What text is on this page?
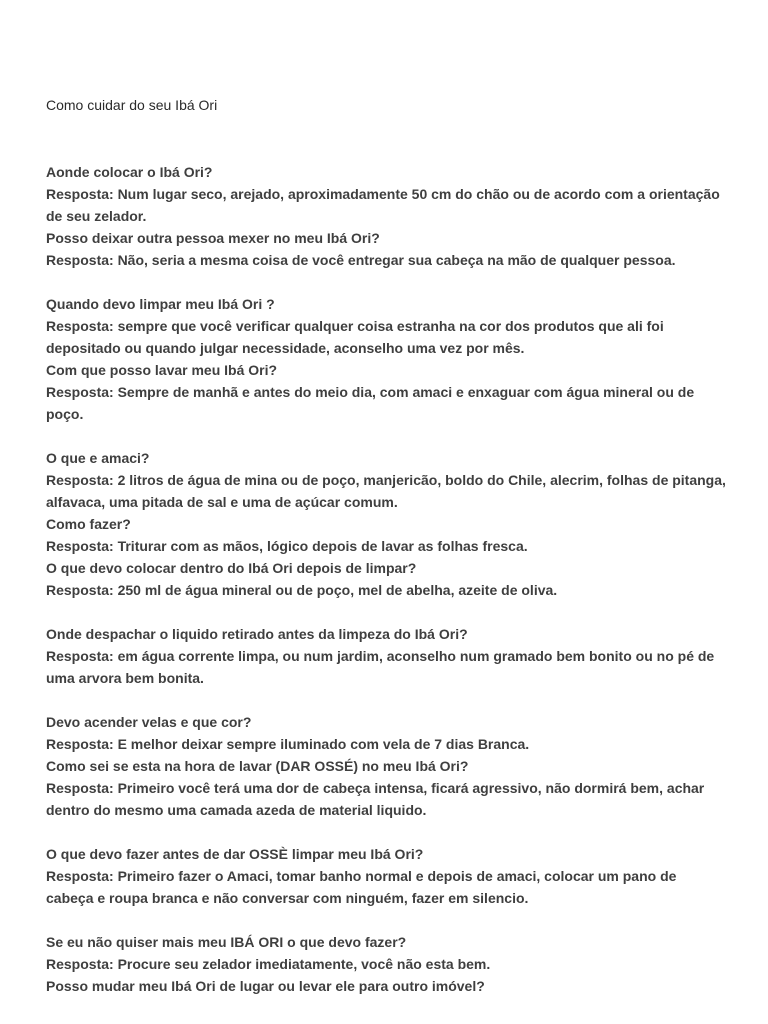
Como cuidar do seu Ibá Ori
Aonde colocar o Ibá Ori?
Resposta: Num lugar seco, arejado, aproximadamente 50 cm do chão ou de acordo com a orientação de seu zelador.
Posso deixar outra pessoa mexer no meu Ibá Ori?
Resposta: Não, seria a mesma coisa de você entregar sua cabeça na mão de qualquer pessoa.
Quando devo limpar meu Ibá Ori ?
Resposta: sempre que você verificar qualquer coisa estranha na cor dos produtos que ali foi depositado ou quando julgar necessidade, aconselho uma vez por mês.
Com que posso lavar meu Ibá Ori?
Resposta: Sempre de manhã e antes do meio dia, com amaci e enxaguar com água mineral ou de poço.
O que e amaci?
Resposta: 2 litros de água de mina ou de poço, manjericão, boldo do Chile, alecrim, folhas de pitanga, alfavaca, uma pitada de sal e uma de açúcar comum.
Como fazer?
Resposta: Triturar com as mãos, lógico depois de lavar as folhas fresca.
O que devo colocar dentro do Ibá Ori depois de limpar?
Resposta: 250 ml de água mineral ou de poço, mel de abelha, azeite de oliva.
Onde despachar o liquido retirado antes da limpeza do Ibá Ori?
Resposta: em água corrente limpa, ou num jardim, aconselho num gramado bem bonito ou no pé de uma arvora bem bonita.
Devo acender velas e que cor?
Resposta: E melhor deixar sempre iluminado com vela de 7 dias Branca.
Como sei se esta na hora de lavar (DAR OSSÉ) no meu Ibá Ori?
Resposta: Primeiro você terá uma dor de cabeça intensa, ficará agressivo, não dormirá bem, achar dentro do mesmo uma camada azeda de material liquido.
O que devo fazer antes de dar OSSÈ limpar meu Ibá Ori?
Resposta: Primeiro fazer o Amaci, tomar banho normal e depois de amaci, colocar um pano de cabeça e roupa branca e não conversar com ninguém, fazer em silencio.
Se eu não quiser mais meu IBÁ ORI o que devo fazer?
Resposta: Procure seu zelador imediatamente, você não esta bem.
Posso mudar meu Ibá Ori de lugar ou levar ele para outro imóvel?
